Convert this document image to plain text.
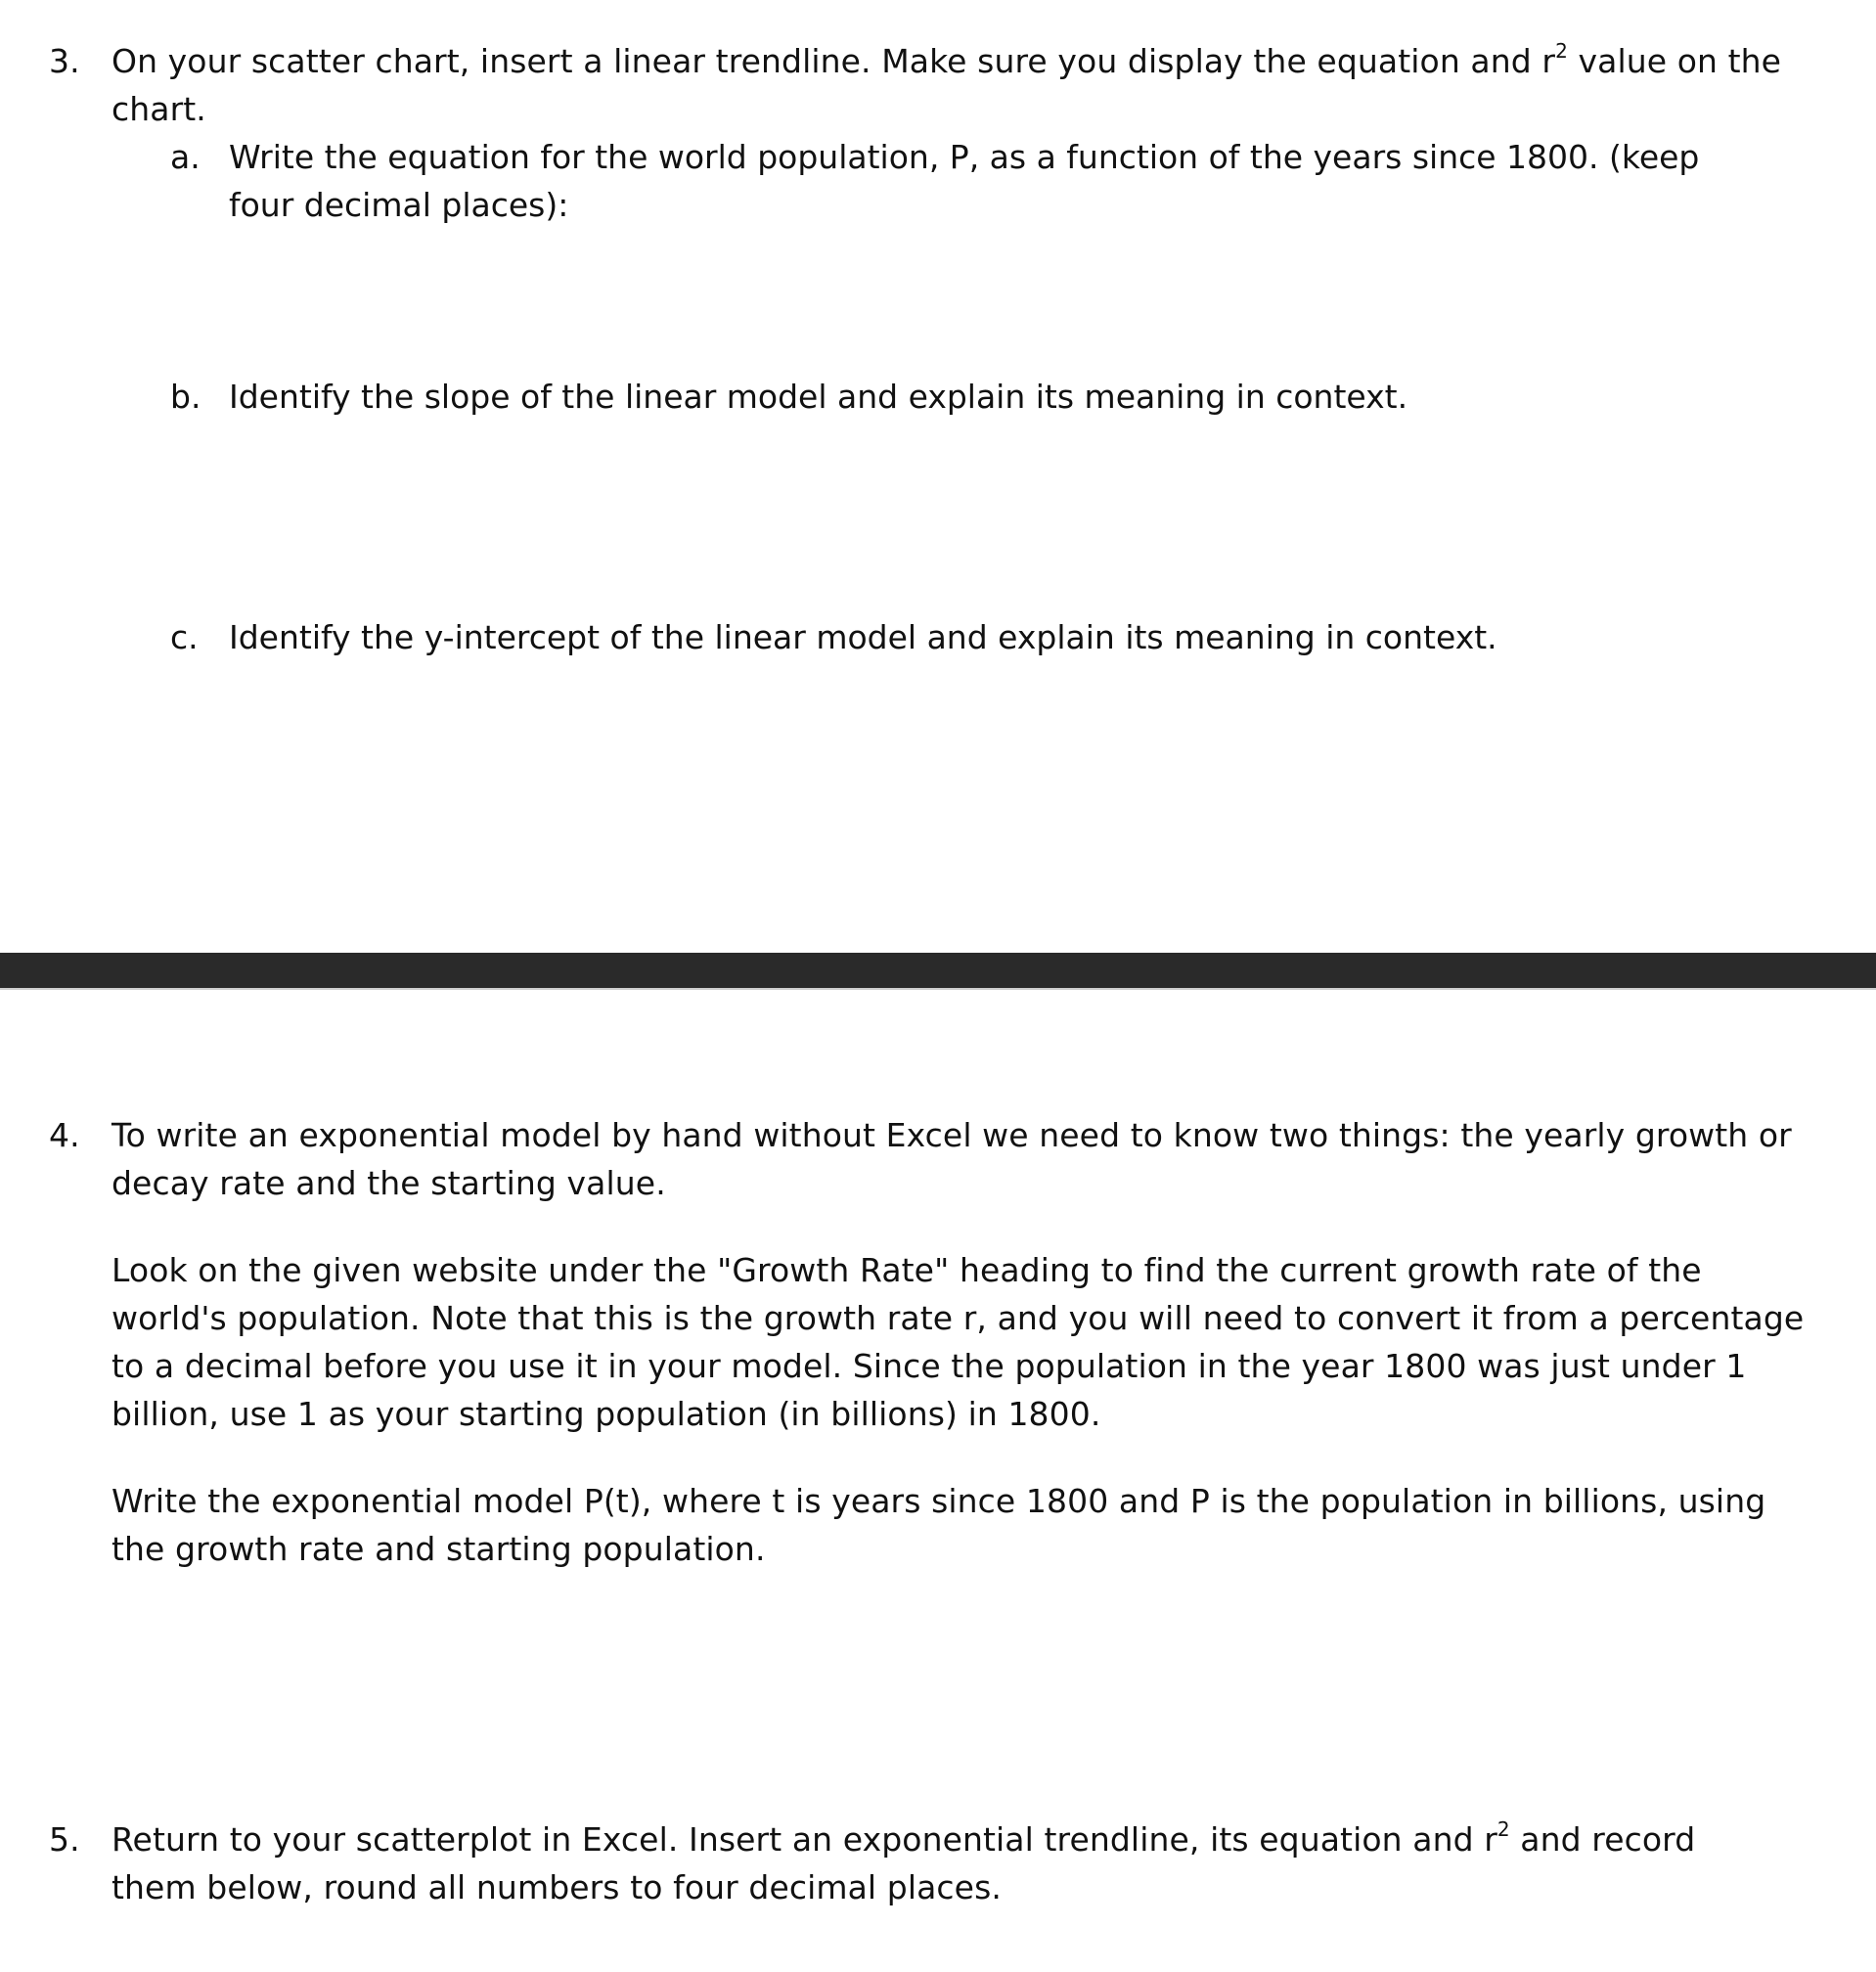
3. On your scatter chart, insert a linear trendline. Make sure you display the equation and $r^2$ value on the chart.
a. Write the equation for the world population, P, as a function of the years since 1800. (keep four decimal places):
b. Identify the slope of the linear model and explain its meaning in context.
c. Identify the y-intercept of the linear model and explain its meaning in context.
4. To write an exponential model by hand without Excel we need to know two things: the yearly growth or decay rate and the starting value.

Look on the given website under the "Growth Rate" heading to find the current growth rate of the world's population. Note that this is the growth rate r, and you will need to convert it from a percentage to a decimal before you use it in your model. Since the population in the year 1800 was just under 1 billion, use 1 as your starting population (in billions) in 1800.

Write the exponential model P(t), where t is years since 1800 and P is the population in billions, using the growth rate and starting population.

5. Return to your scatterplot in Excel. Insert an exponential trendline, its equation and $r^2$ and record them below, round all numbers to four decimal places.
